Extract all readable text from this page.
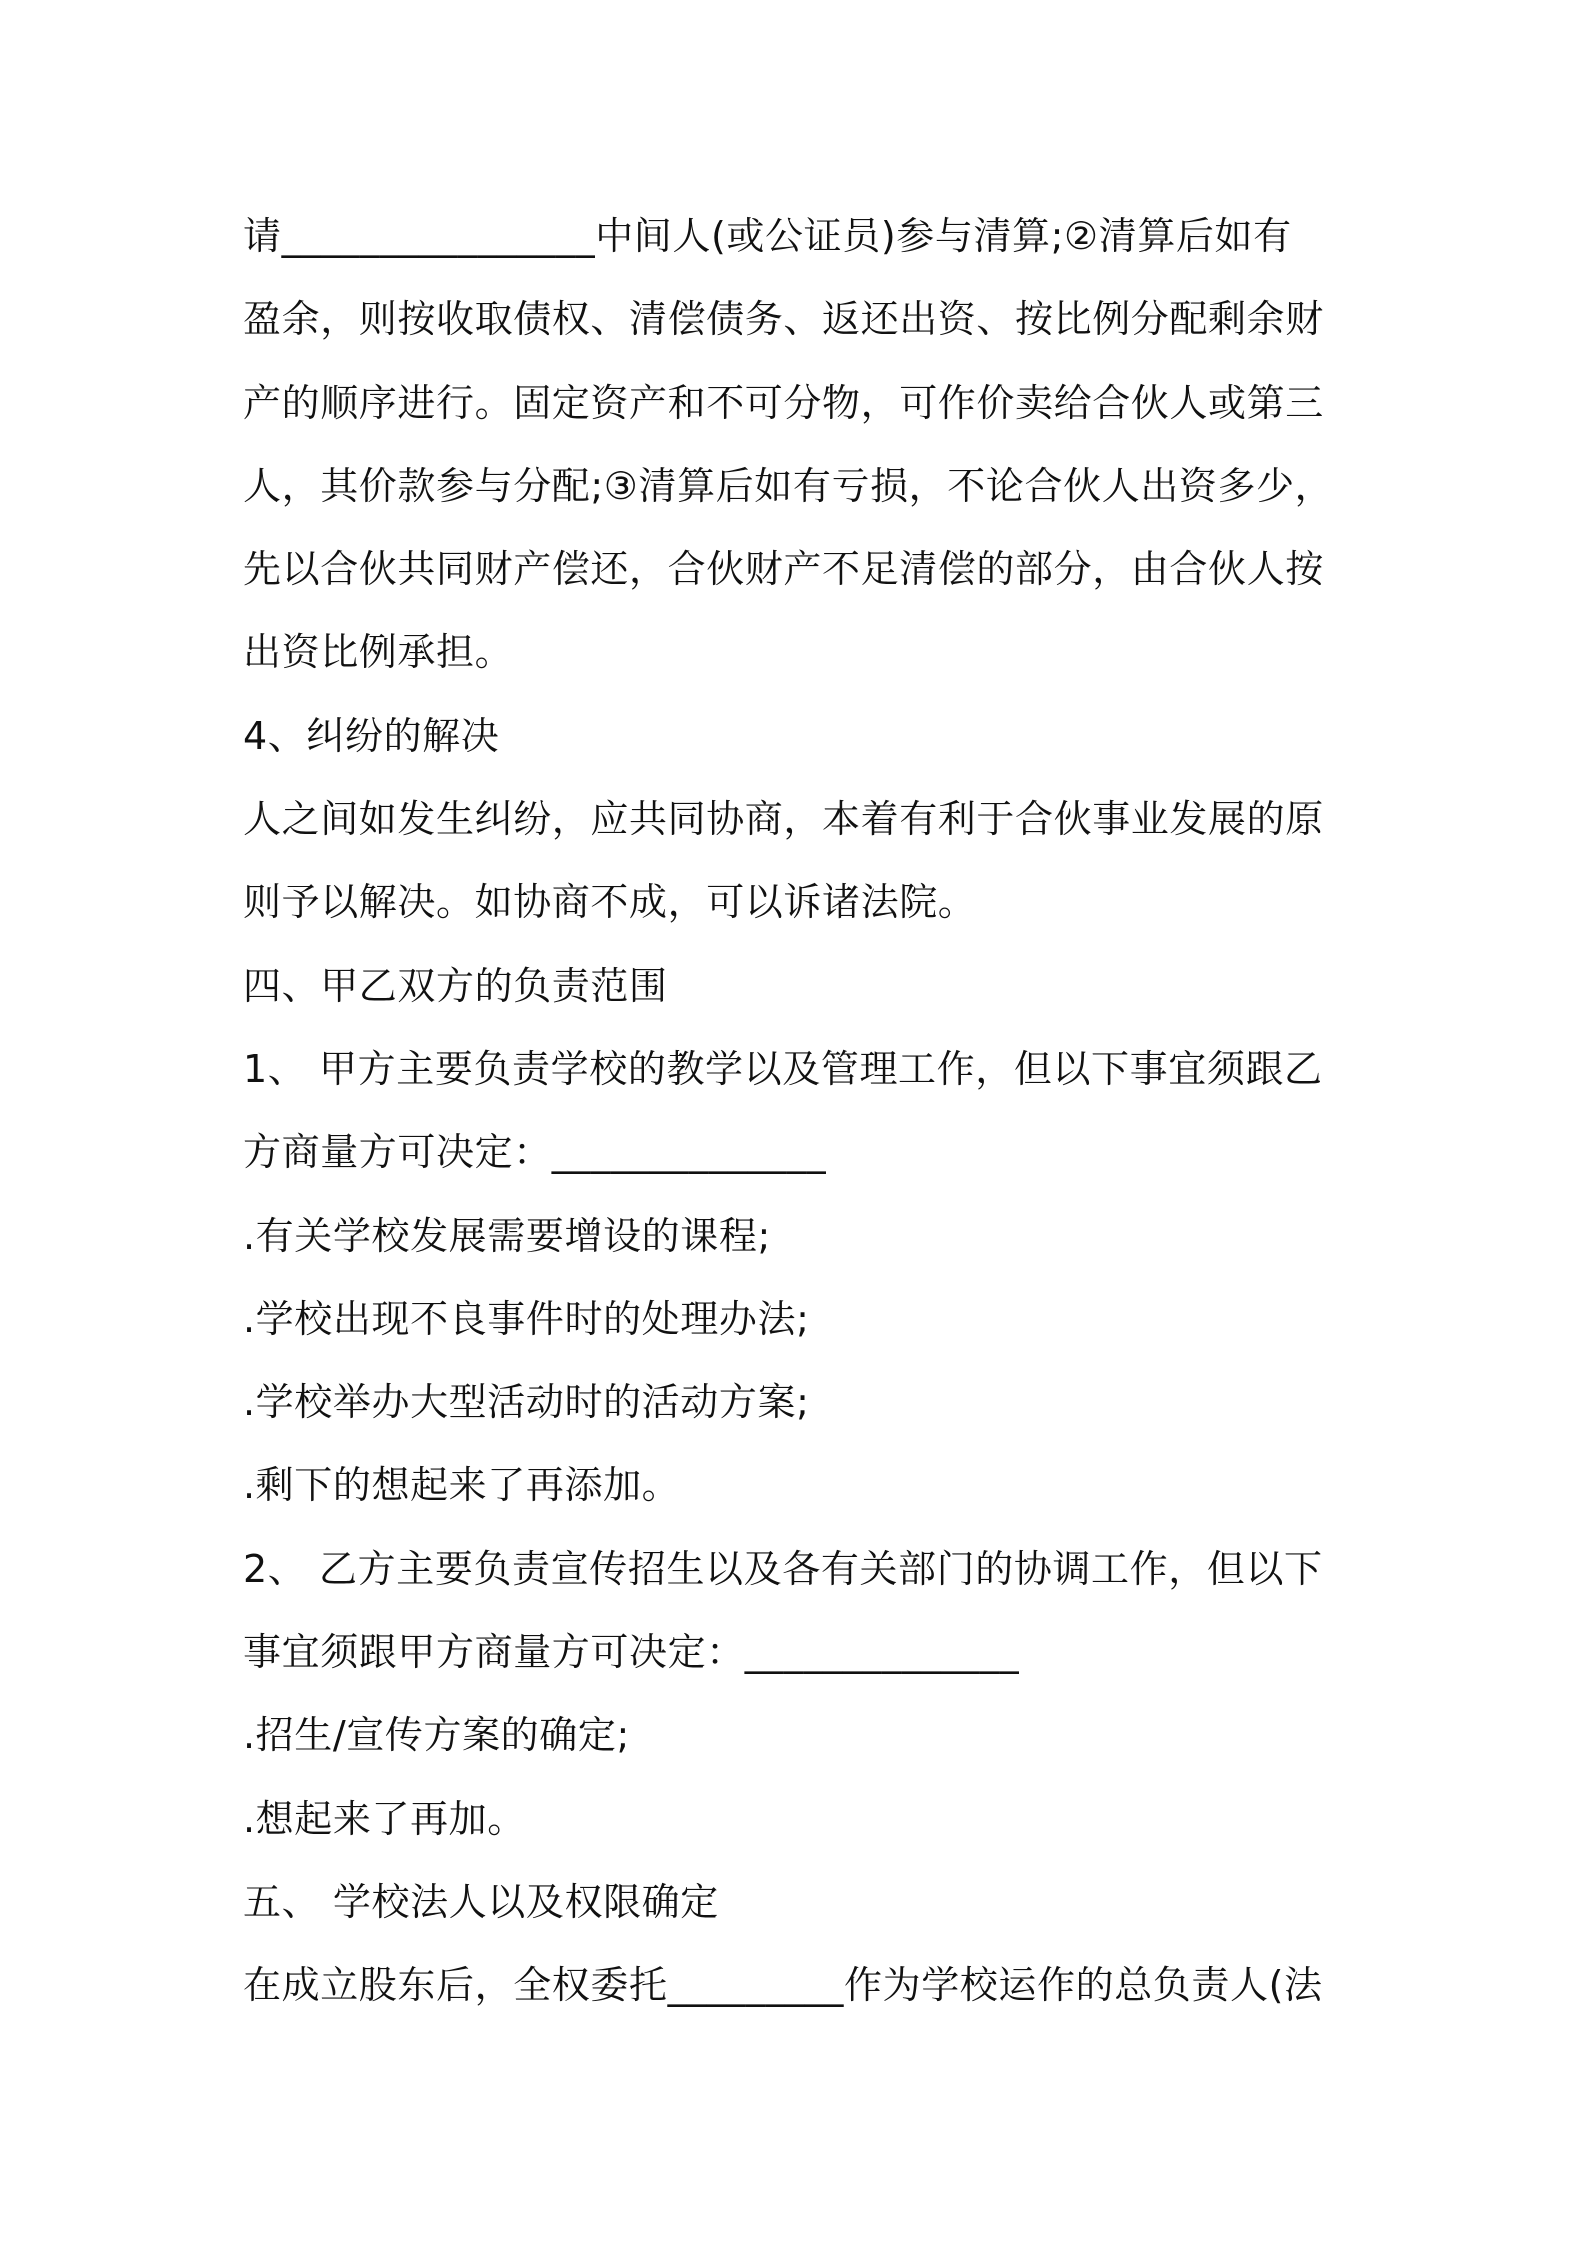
请________________中间人(或公证员)参与清算;②清算后如有
盈余，则按收取债权、清偿债务、返还出资、按比例分配剩余财
产的顺序进行。固定资产和不可分物，可作价卖给合伙人或第三
人，其价款参与分配;③清算后如有亏损，不论合伙人出资多少，
先以合伙共同财产偿还，合伙财产不足清偿的部分，由合伙人按
出资比例承担。
4、纠纷的解决
人之间如发生纠纷，应共同协商，本着有利于合伙事业发展的原
则予以解决。如协商不成，可以诉诸法院。
四、甲乙双方的负责范围
1、 甲方主要负责学校的教学以及管理工作，但以下事宜须跟乙
方商量方可决定：______________
.有关学校发展需要增设的课程;
.学校出现不良事件时的处理办法;
.学校举办大型活动时的活动方案;
.剩下的想起来了再添加。
2、 乙方主要负责宣传招生以及各有关部门的协调工作，但以下
事宜须跟甲方商量方可决定：______________
.招生/宣传方案的确定;
.想起来了再加。
五、 学校法人以及权限确定
在成立股东后，全权委托_________作为学校运作的总负责人(法
